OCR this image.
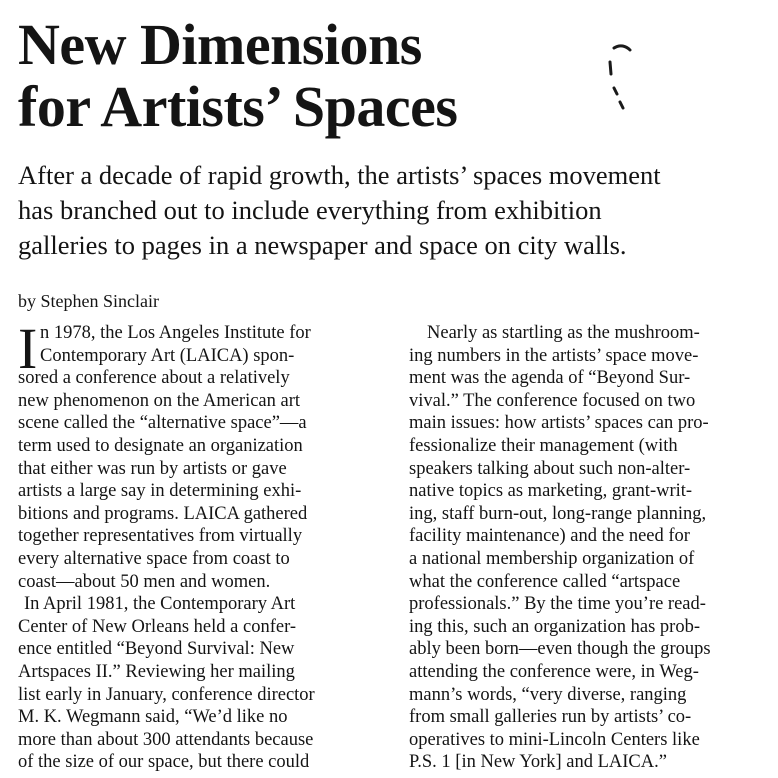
New Dimensions
for Artists’ Spaces
After a decade of rapid growth, the artists’ spaces movement
has branched out to include everything from exhibition
galleries to pages in a newspaper and space on city walls.
by Stephen Sinclair
I n 1978, the Los Angeles Institute for
Contemporary Art (LAICA) spon-
sored a conference about a relatively
new phenomenon on the American art
scene called the “alternative space”—a
term used to designate an organization
that either was run by artists or gave
artists a large say in determining exhi-
bitions and programs. LAICA gathered
together representatives from virtually
every alternative space from coast to
coast—about 50 men and women.
In April 1981, the Contemporary Art
Center of New Orleans held a confer-
ence entitled “Beyond Survival: New
Artspaces II.” Reviewing her mailing
list early in January, conference director
M. K. Wegmann said, “We’d like no
more than about 300 attendants because
of the size of our space, but there could
Nearly as startling as the mushroom-
ing numbers in the artists’ space move-
ment was the agenda of “Beyond Sur-
vival.” The conference focused on two
main issues: how artists’ spaces can pro-
fessionalize their management (with
speakers talking about such non-alter-
native topics as marketing, grant-writ-
ing, staff burn-out, long-range planning,
facility maintenance) and the need for
a national membership organization of
what the conference called “artspace
professionals.” By the time you’re read-
ing this, such an organization has prob-
ably been born—even though the groups
attending the conference were, in Weg-
mann’s words, “very diverse, ranging
from small galleries run by artists’ co-
operatives to mini-Lincoln Centers like
P.S. 1 [in New York] and LAICA.”
